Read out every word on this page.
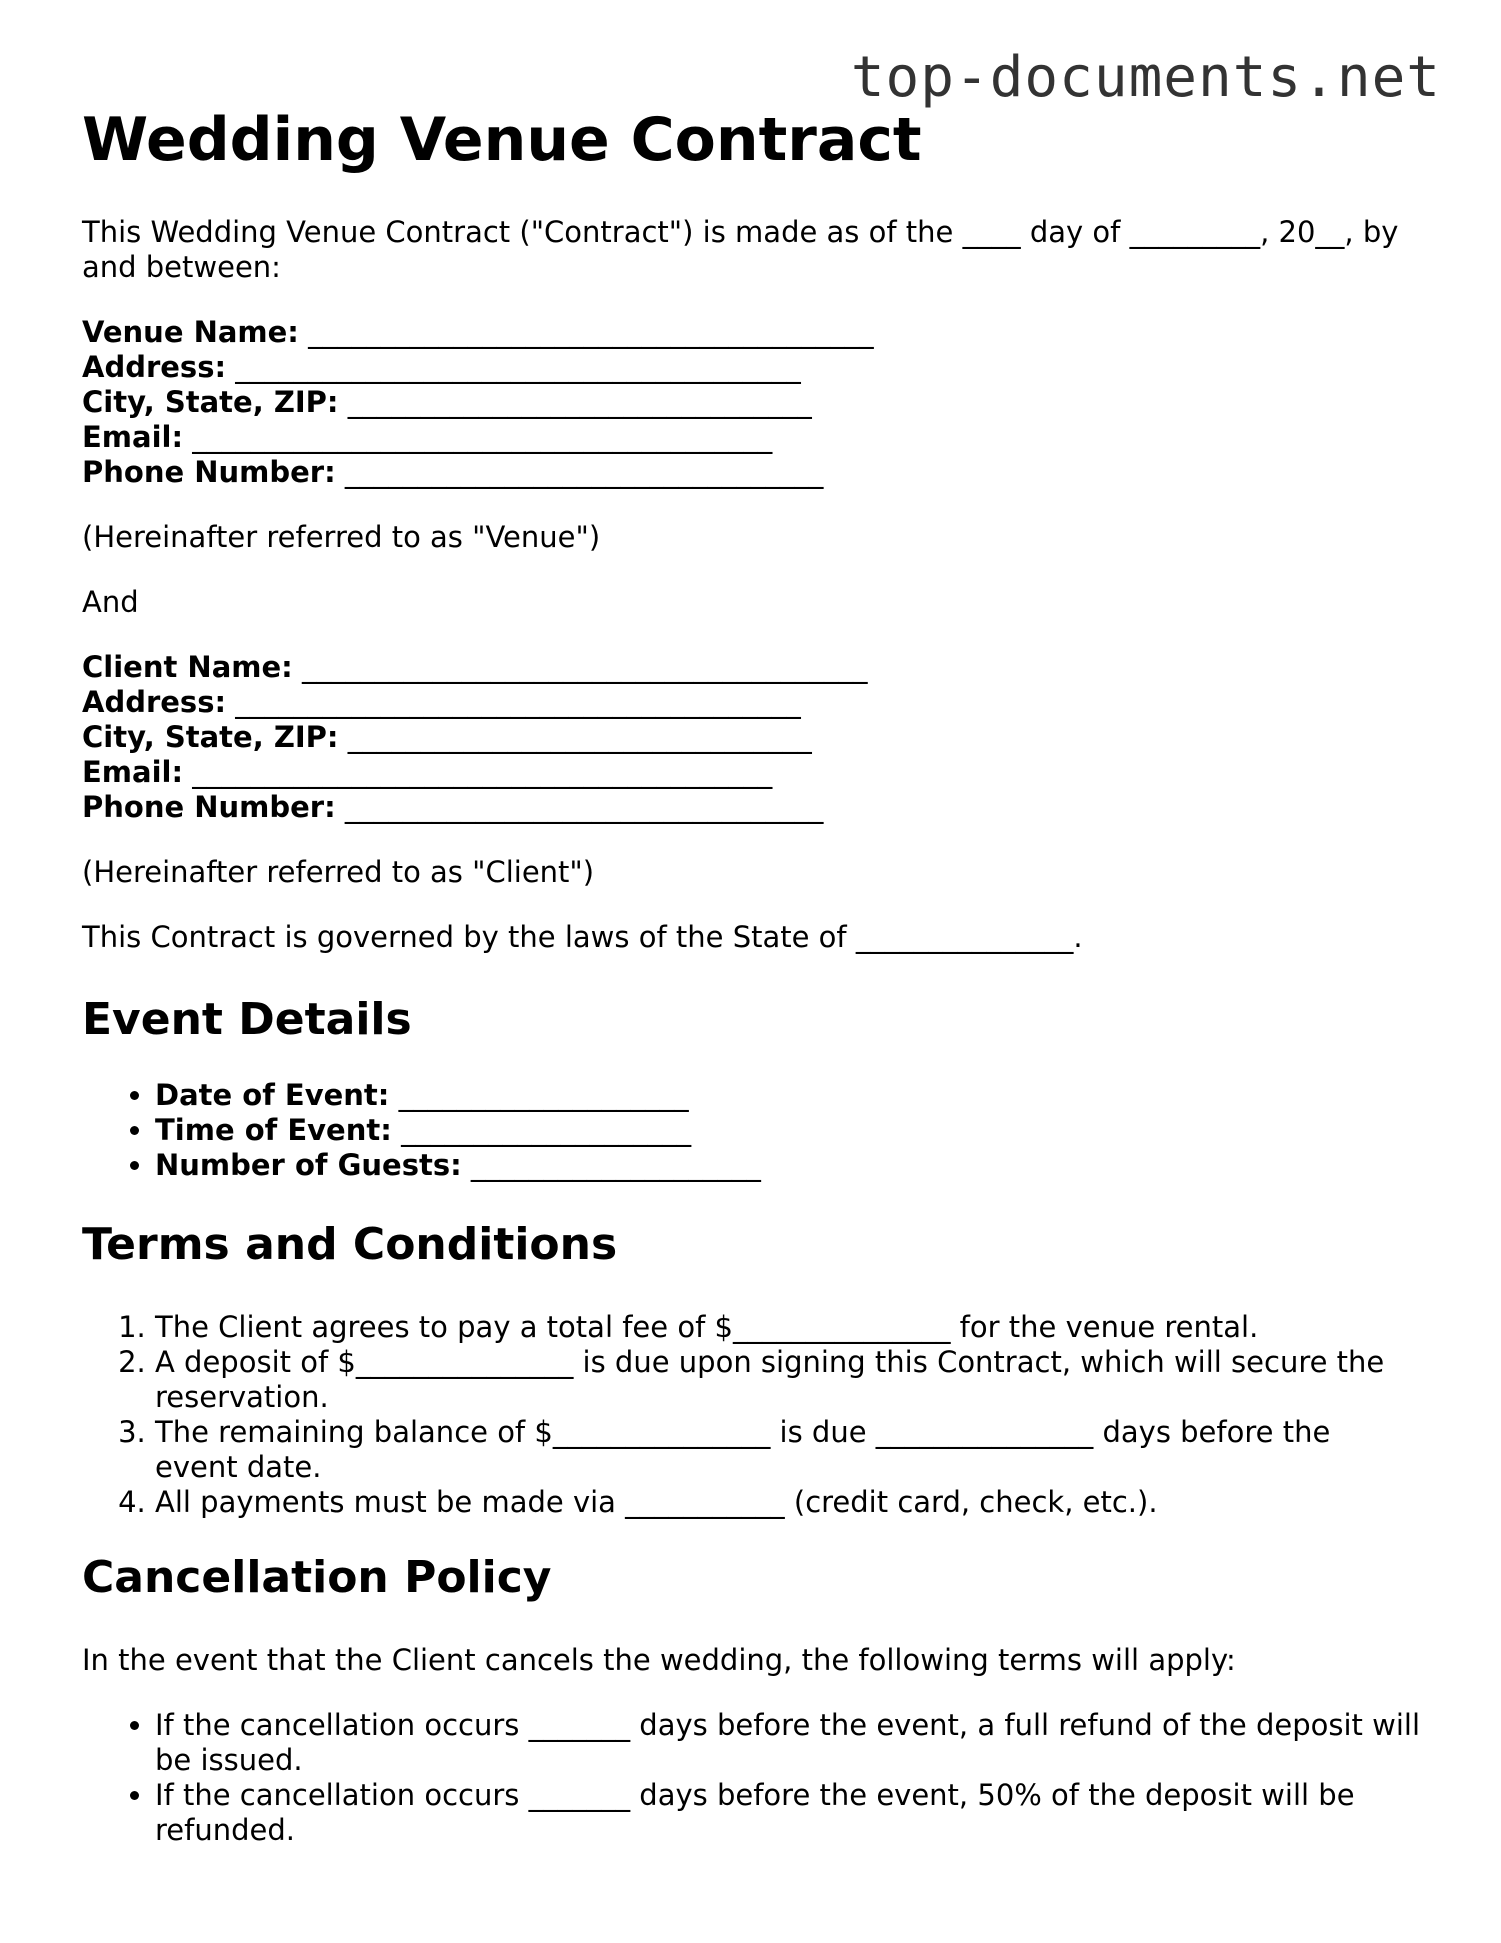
top-documents.net
Wedding Venue Contract

This Wedding Venue Contract ("Contract") is made as of the ____ day of _________, 20__, by and between:

Venue Name: _______________________________________
Address: _______________________________________
City, State, ZIP: ________________________________
Email: ________________________________________
Phone Number: _________________________________

(Hereinafter referred to as "Venue")

And

Client Name: _______________________________________
Address: _______________________________________
City, State, ZIP: ________________________________
Email: ________________________________________
Phone Number: _________________________________

(Hereinafter referred to as "Client")

This Contract is governed by the laws of the State of _______________.

Event Details
• Date of Event: ____________________
• Time of Event: ____________________
• Number of Guests: ____________________
Terms and Conditions
1. The Client agrees to pay a total fee of $_______________ for the venue rental.
2. A deposit of $_______________ is due upon signing this Contract, which will secure the reservation.
3. The remaining balance of $_______________ is due _______________ days before the event date.
4. All payments must be made via ___________ (credit card, check, etc.).
Cancellation Policy

In the event that the Client cancels the wedding, the following terms will apply:

• If the cancellation occurs _______ days before the event, a full refund of the deposit will be issued.
• If the cancellation occurs _______ days before the event, 50% of the deposit will be refunded.
